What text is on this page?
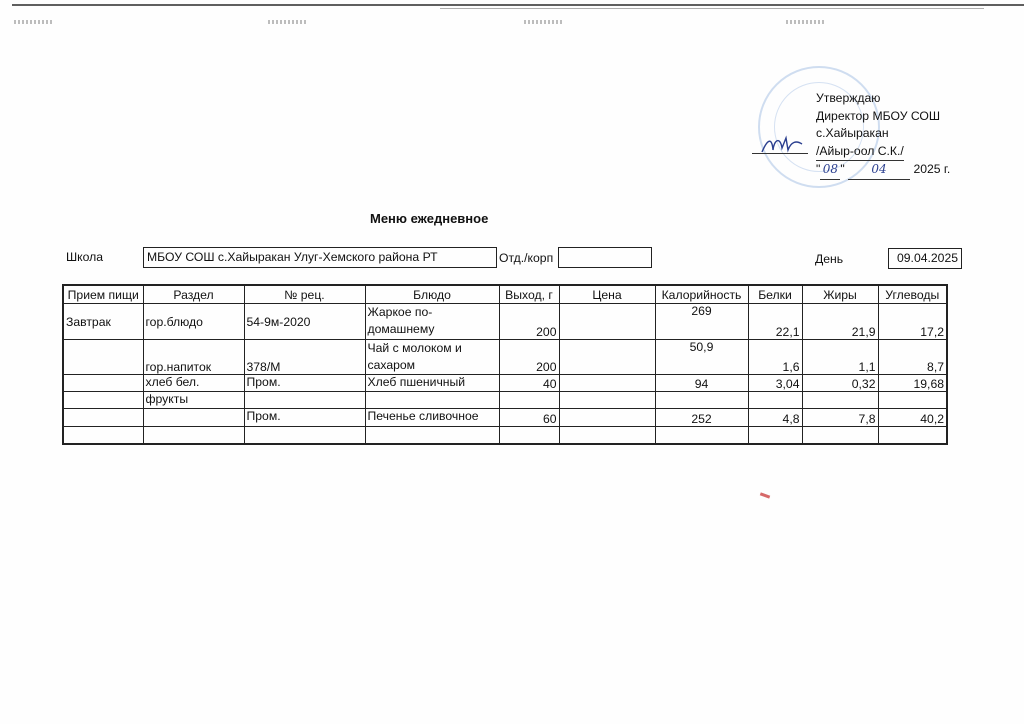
Утверждаю
Директор МБОУ СОШ
с.Хайыракан
/Айыр-оол С.К./
" 08 " 04 2025 г.
Меню ежедневное
Школа	МБОУ СОШ с.Хайыракан Улуг-Хемского района РТ	Отд./корп	День	09.04.2025
Прием пищи	Раздел	№ рец.	Блюдо	Выход, г	Цена	Калорийность	Белки	Жиры	Углеводы
Завтрак	гор.блюдо	54-9м-2020	Жаркое по-домашнему	200		269	22,1	21,9	17,2
	гор.напиток	378/М	Чай с молоком и сахаром	200		50,9	1,6	1,1	8,7
	хлеб бел.	Пром.	Хлеб пшеничный	40		94	3,04	0,32	19,68
	фрукты								
		Пром.	Печенье сливочное	60		252	4,8	7,8	40,2
